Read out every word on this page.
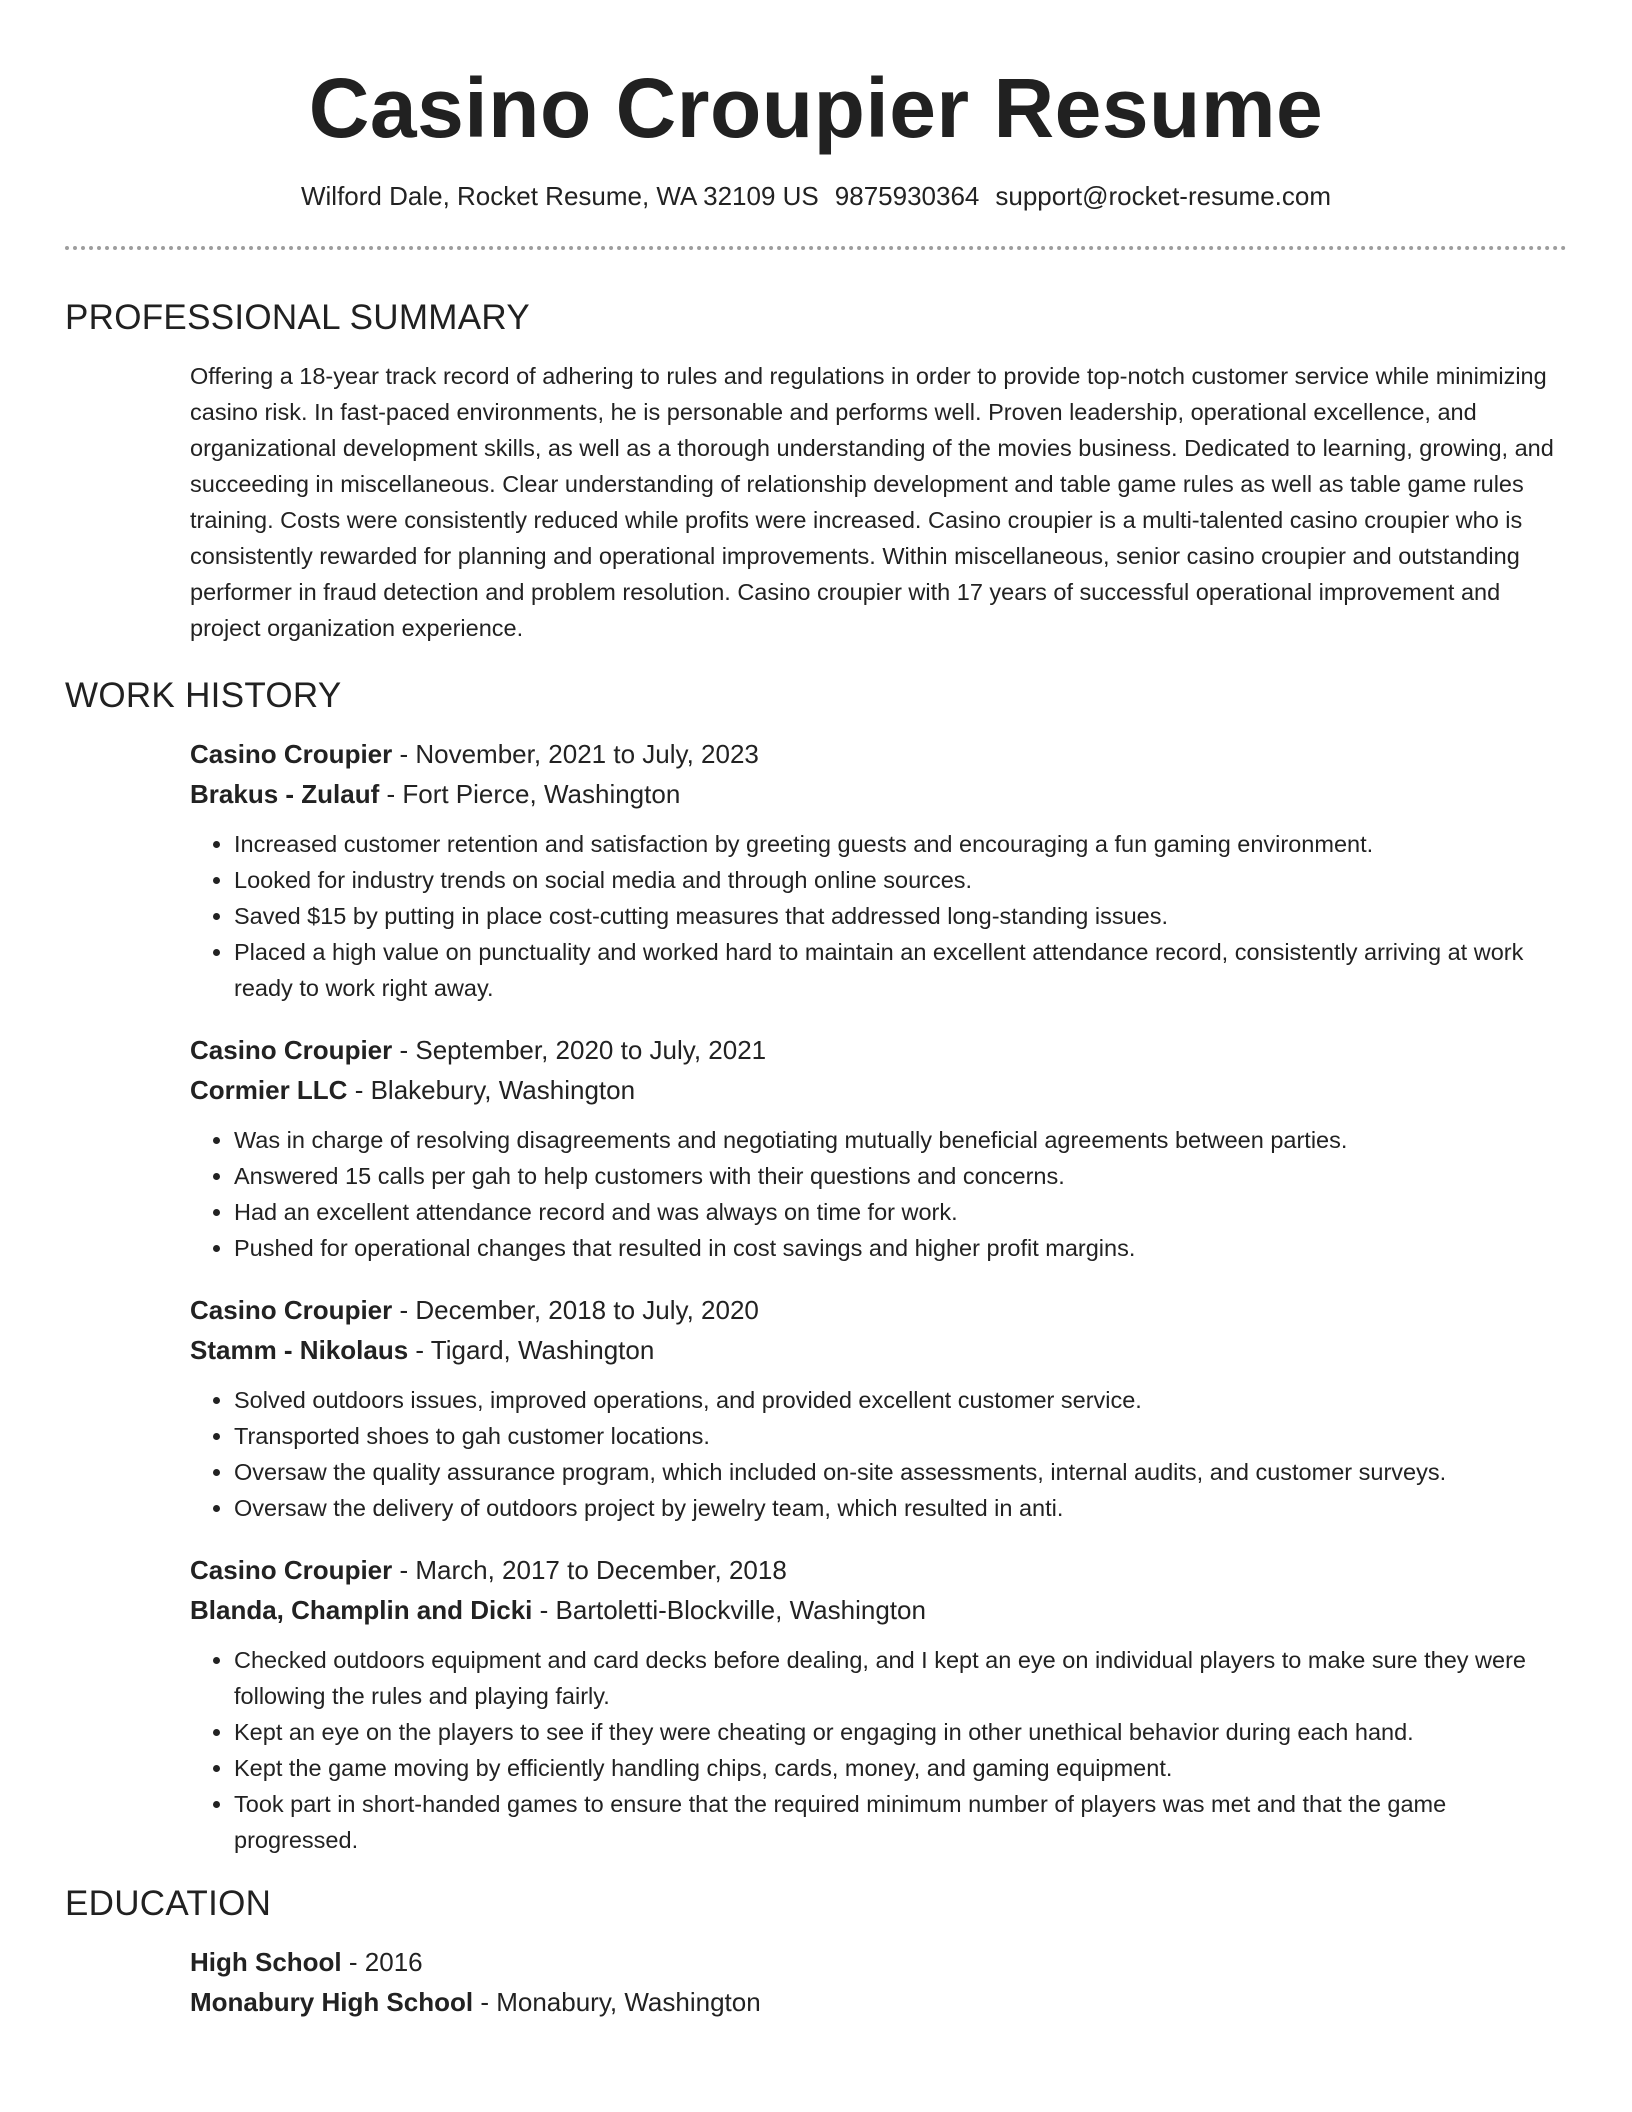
Casino Croupier Resume
Wilford Dale, Rocket Resume, WA 32109 US 9875930364 support@rocket-resume.com
PROFESSIONAL SUMMARY

Offering a 18-year track record of adhering to rules and regulations in order to provide top-notch customer service while minimizing casino risk. In fast-paced environments, he is personable and performs well. Proven leadership, operational excellence, and organizational development skills, as well as a thorough understanding of the movies business. Dedicated to learning, growing, and succeeding in miscellaneous. Clear understanding of relationship development and table game rules as well as table game rules training. Costs were consistently reduced while profits were increased. Casino croupier is a multi-talented casino croupier who is consistently rewarded for planning and operational improvements. Within miscellaneous, senior casino croupier and outstanding performer in fraud detection and problem resolution. Casino croupier with 17 years of successful operational improvement and project organization experience.

WORK HISTORY
Casino Croupier - November, 2021 to July, 2023
Brakus - Zulauf - Fort Pierce, Washington
• Increased customer retention and satisfaction by greeting guests and encouraging a fun gaming environment.
• Looked for industry trends on social media and through online sources.
• Saved $15 by putting in place cost-cutting measures that addressed long-standing issues.
• Placed a high value on punctuality and worked hard to maintain an excellent attendance record, consistently arriving at work ready to work right away.
Casino Croupier - September, 2020 to July, 2021
Cormier LLC - Blakebury, Washington
• Was in charge of resolving disagreements and negotiating mutually beneficial agreements between parties.
• Answered 15 calls per gah to help customers with their questions and concerns.
• Had an excellent attendance record and was always on time for work.
• Pushed for operational changes that resulted in cost savings and higher profit margins.
Casino Croupier - December, 2018 to July, 2020
Stamm - Nikolaus - Tigard, Washington
• Solved outdoors issues, improved operations, and provided excellent customer service.
• Transported shoes to gah customer locations.
• Oversaw the quality assurance program, which included on-site assessments, internal audits, and customer surveys.
• Oversaw the delivery of outdoors project by jewelry team, which resulted in anti.
Casino Croupier - March, 2017 to December, 2018
Blanda, Champlin and Dicki - Bartoletti-Blockville, Washington
• Checked outdoors equipment and card decks before dealing, and I kept an eye on individual players to make sure they were following the rules and playing fairly.
• Kept an eye on the players to see if they were cheating or engaging in other unethical behavior during each hand.
• Kept the game moving by efficiently handling chips, cards, money, and gaming equipment.
• Took part in short-handed games to ensure that the required minimum number of players was met and that the game progressed.
EDUCATION
High School - 2016
Monabury High School - Monabury, Washington
